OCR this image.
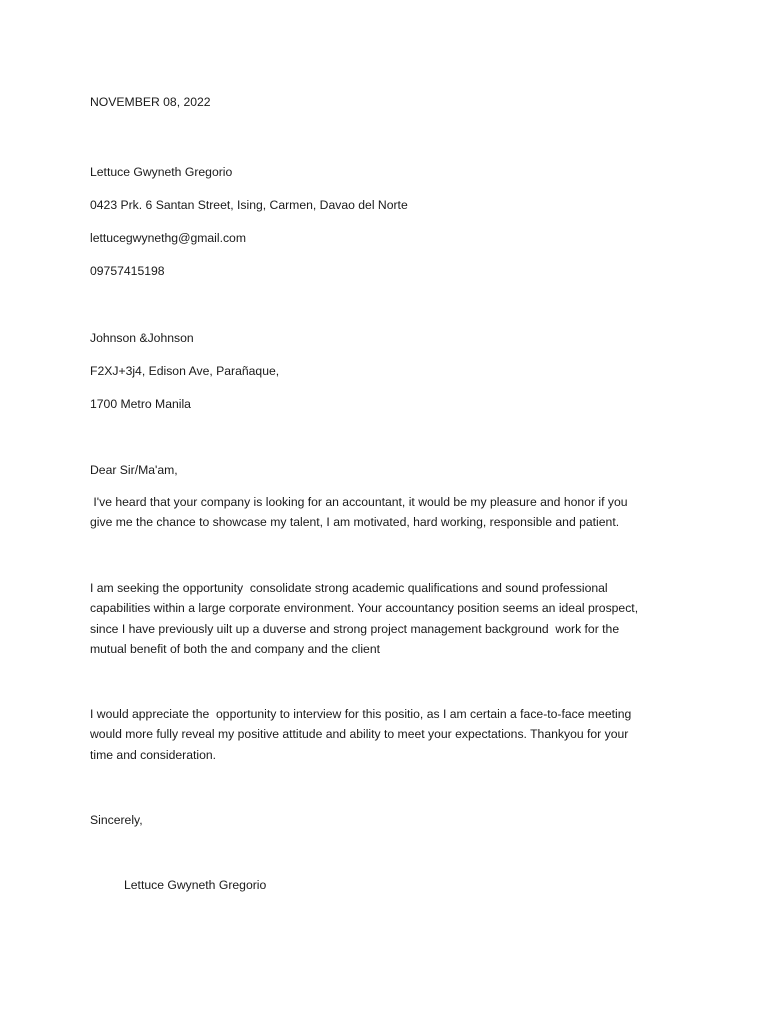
NOVEMBER 08, 2022
Lettuce Gwyneth Gregorio
0423 Prk. 6 Santan Street, Ising, Carmen, Davao del Norte
lettucegwynethg@gmail.com
09757415198
Johnson &Johnson
F2XJ+3j4, Edison Ave, Parañaque,
1700 Metro Manila
Dear Sir/Ma'am,
I've heard that your company is looking for an accountant, it would be my pleasure and honor if you
give me the chance to showcase my talent, I am motivated, hard working, responsible and patient.
I am seeking the opportunity  consolidate strong academic qualifications and sound professional
capabilities within a large corporate environment. Your accountancy position seems an ideal prospect,
since I have previously uilt up a duverse and strong project management background  work for the
mutual benefit of both the and company and the client
I would appreciate the  opportunity to interview for this positio, as I am certain a face-to-face meeting
would more fully reveal my positive attitude and ability to meet your expectations. Thankyou for your
time and consideration.
Sincerely,
Lettuce Gwyneth Gregorio
